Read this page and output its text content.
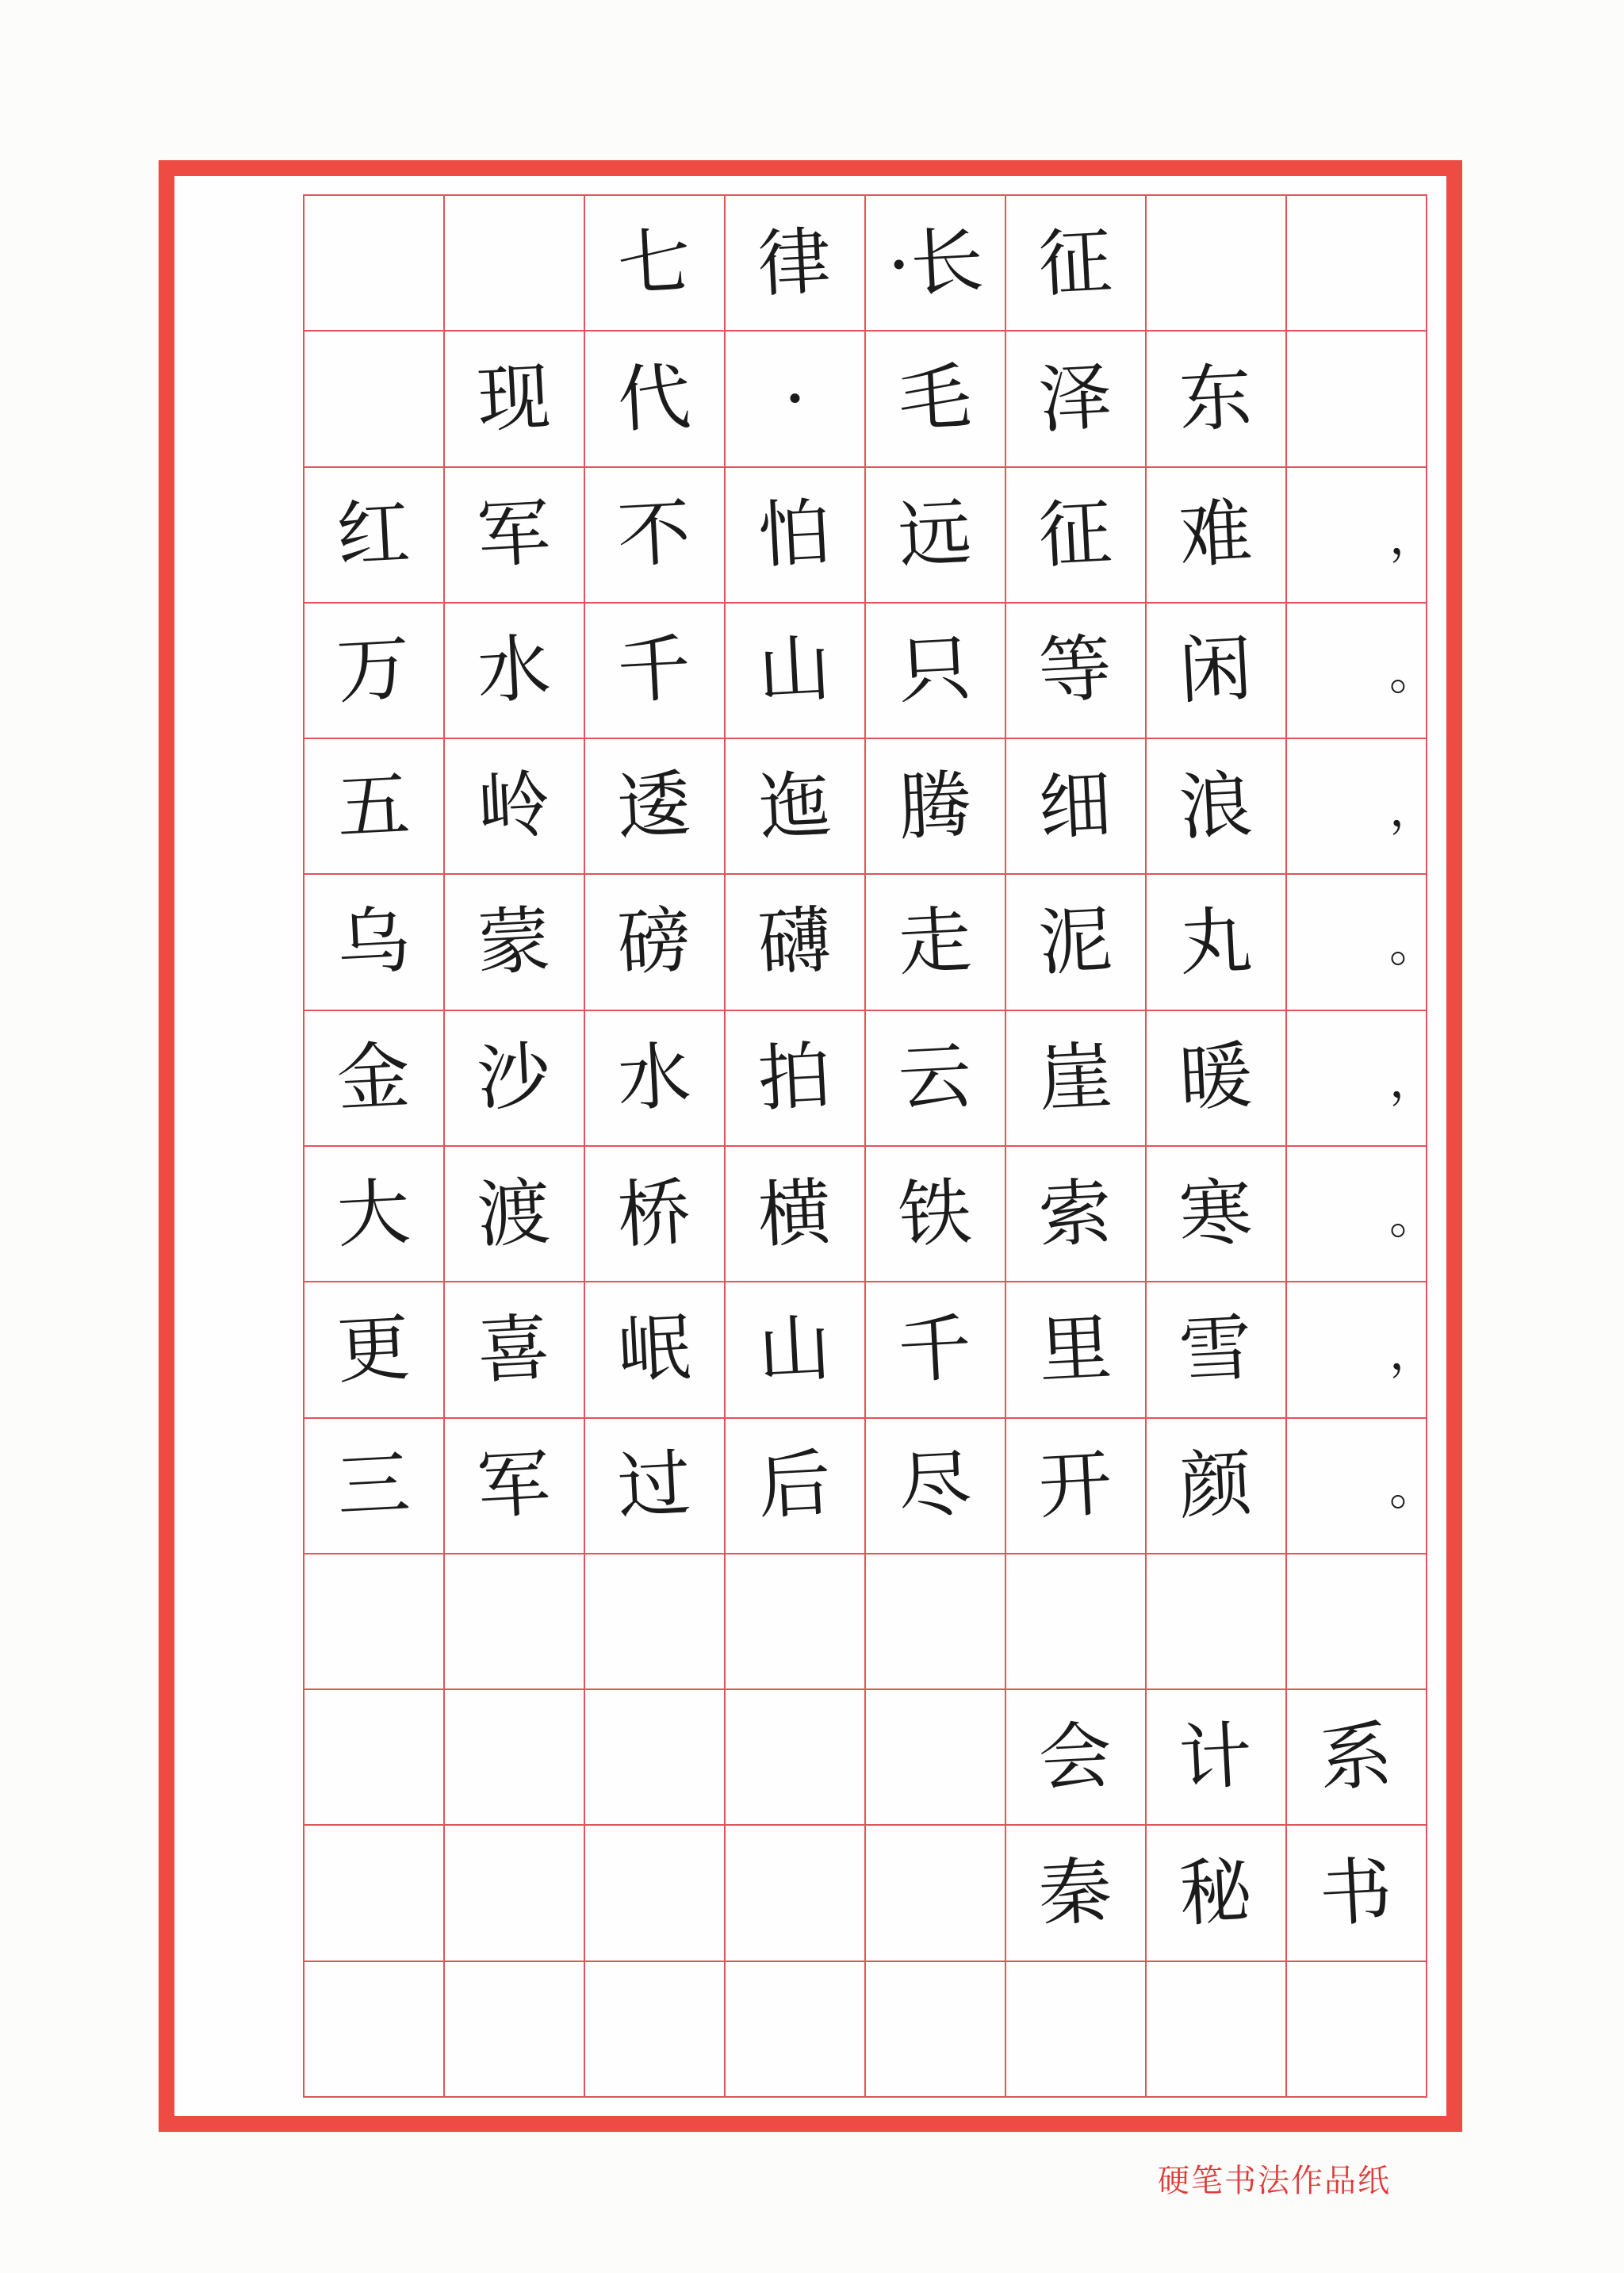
七 律 ·长 征
现 代 · 毛 泽 东
红 军 不 怕 远 征 难	，
万 水 千 山 只 等 闲	。
五 岭 逶 迤 腾 细 浪	，
乌 蒙 磅 礴 走 泥 丸	。
金 沙 水 拍 云 崖 暖	，
大 渡 桥 横 铁 索 寒	。
更 喜 岷 山 千 里 雪	，
三 军 过 后 尽 开 颜	。
会 计 系
秦 秘 书
硬笔书法作品纸
